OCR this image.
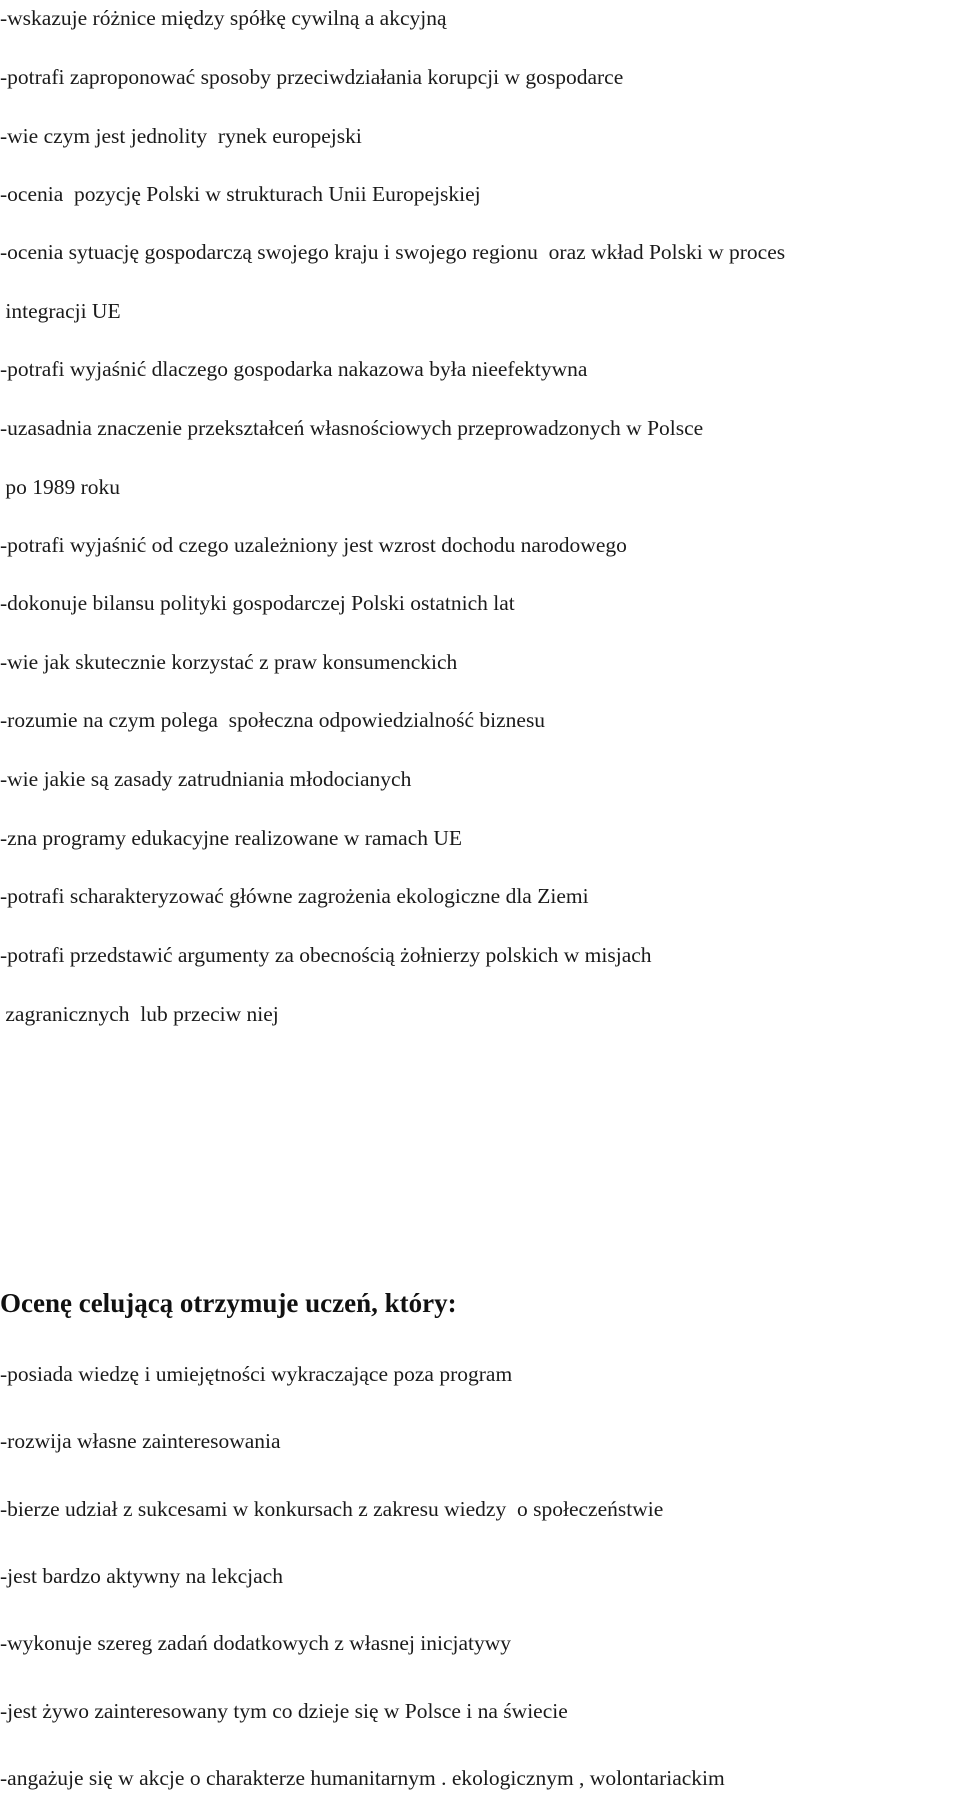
-wskazuje różnice między spółkę cywilną a akcyjną
-potrafi zaproponować sposoby przeciwdziałania korupcji w gospodarce
-wie czym jest jednolity  rynek europejski
-ocenia  pozycję Polski w strukturach Unii Europejskiej
-ocenia sytuację gospodarczą swojego kraju i swojego regionu  oraz wkład Polski w proces
integracji UE
-potrafi wyjaśnić dlaczego gospodarka nakazowa była nieefektywna
-uzasadnia znaczenie przekształceń własnościowych przeprowadzonych w Polsce
po 1989 roku
-potrafi wyjaśnić od czego uzależniony jest wzrost dochodu narodowego
-dokonuje bilansu polityki gospodarczej Polski ostatnich lat
-wie jak skutecznie korzystać z praw konsumenckich
-rozumie na czym polega  społeczna odpowiedzialność biznesu
-wie jakie są zasady zatrudniania młodocianych
-zna programy edukacyjne realizowane w ramach UE
-potrafi scharakteryzować główne zagrożenia ekologiczne dla Ziemi
-potrafi przedstawić argumenty za obecnością żołnierzy polskich w misjach
zagranicznych  lub przeciw niej
Ocenę celującą otrzymuje uczeń, który:
-posiada wiedzę i umiejętności wykraczające poza program
-rozwija własne zainteresowania
-bierze udział z sukcesami w konkursach z zakresu wiedzy  o społeczeństwie
-jest bardzo aktywny na lekcjach
-wykonuje szereg zadań dodatkowych z własnej inicjatywy
-jest żywo zainteresowany tym co dzieje się w Polsce i na świecie
-angażuje się w akcje o charakterze humanitarnym . ekologicznym , wolontariackim
